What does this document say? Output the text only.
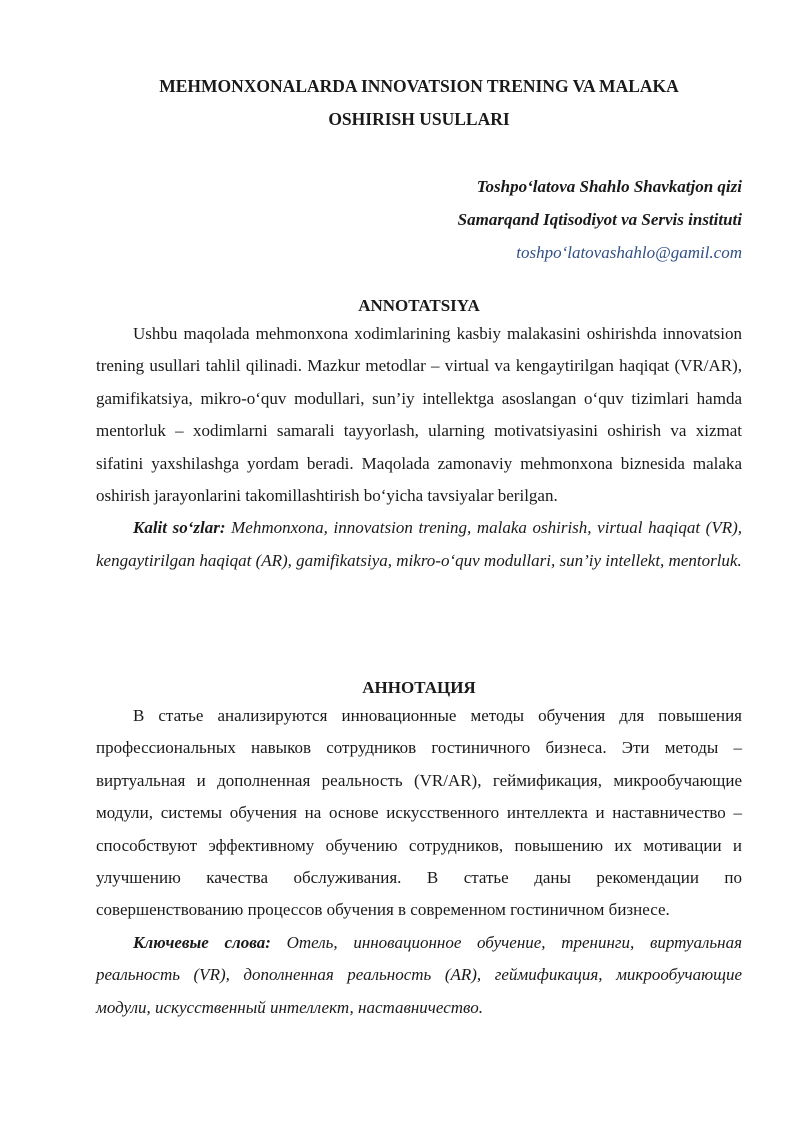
MEHMONXONALARDA INNOVATSION TRENING VA MALAKA
OSHIRISH USULLARI
Toshpo‘latova Shahlo Shavkatjon qizi
Samarqand Iqtisodiyot va Servis instituti
toshpo‘latovashahlo@gamil.com
ANNOTATSIYA

Ushbu maqolada mehmonxona xodimlarining kasbiy malakasini oshirishda innovatsion trening usullari tahlil qilinadi. Mazkur metodlar – virtual va kengaytirilgan haqiqat (VR/AR), gamifikatsiya, mikro-o‘quv modullari, sun’iy intellektga asoslangan o‘quv tizimlari hamda mentorluk – xodimlarni samarali tayyorlash, ularning motivatsiyasini oshirish va xizmat sifatini yaxshilashga yordam beradi. Maqolada zamonaviy mehmonxona biznesida malaka oshirish jarayonlarini takomillashtirish bo‘yicha tavsiyalar berilgan.

Kalit so‘zlar: Mehmonxona, innovatsion trening, malaka oshirish, virtual haqiqat (VR), kengaytirilgan haqiqat (AR), gamifikatsiya, mikro-o‘quv modullari, sun’iy intellekt, mentorluk.

АННОТАЦИЯ

В статье анализируются инновационные методы обучения для повышения профессиональных навыков сотрудников гостиничного бизнеса. Эти методы – виртуальная и дополненная реальность (VR/AR), геймификация, микрообучающие модули, системы обучения на основе искусственного интеллекта и наставничество – способствуют эффективному обучению сотрудников, повышению их мотивации и улучшению качества обслуживания. В статье даны рекомендации по совершенствованию процессов обучения в современном гостиничном бизнесе.

Ключевые слова: Отель, инновационное обучение, тренинги, виртуальная реальность (VR), дополненная реальность (AR), геймификация, микрообучающие модули, искусственный интеллект, наставничество.
